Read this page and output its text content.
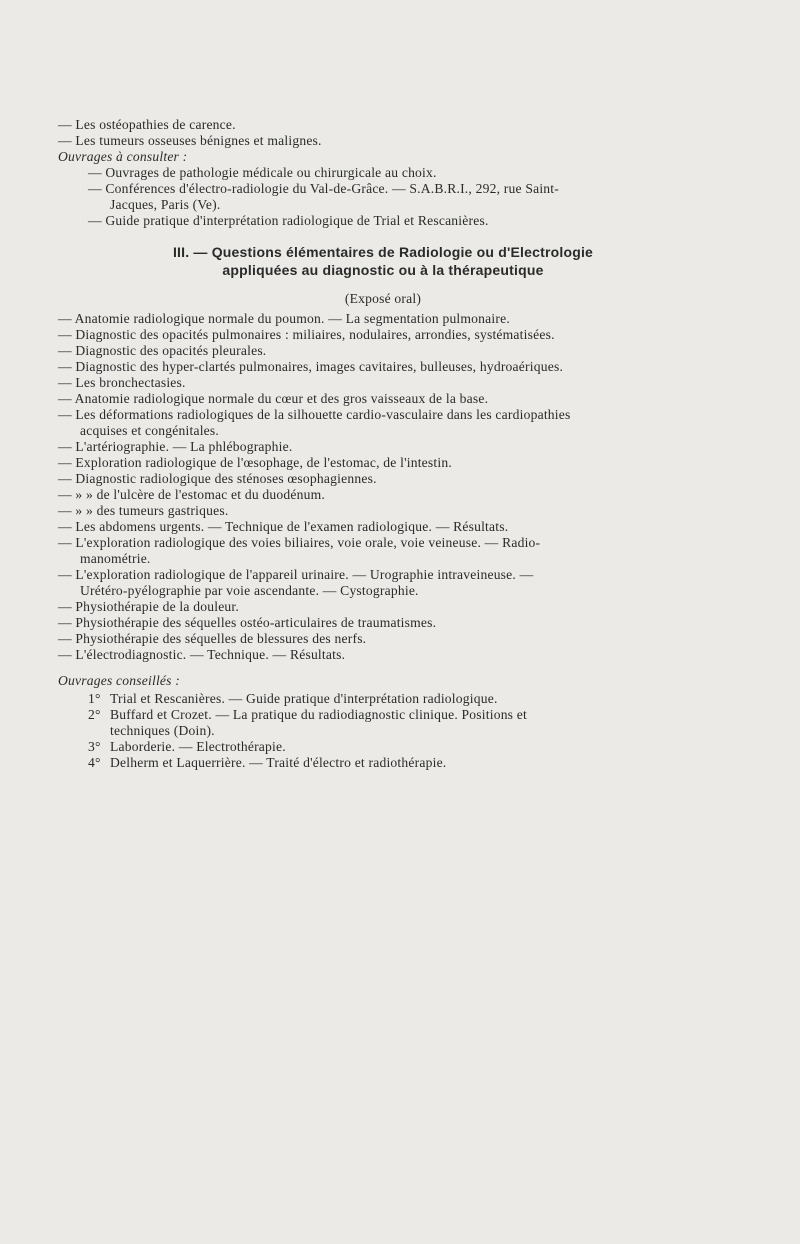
— Les ostéopathies de carence.
— Les tumeurs osseuses bénignes et malignes.
Ouvrages à consulter :
— Ouvrages de pathologie médicale ou chirurgicale au choix.
— Conférences d'électro-radiologie du Val-de-Grâce. — S.A.B.R.I., 292, rue Saint-
Jacques, Paris (Ve).
— Guide pratique d'interprétation radiologique de Trial et Rescanières.
III. — Questions élémentaires de Radiologie ou d'Electrologie
appliquées au diagnostic ou à la thérapeutique
(Exposé oral)
— Anatomie radiologique normale du poumon. — La segmentation pulmonaire.
— Diagnostic des opacités pulmonaires : miliaires, nodulaires, arrondies, systématisées.
— Diagnostic des opacités pleurales.
— Diagnostic des hyper-clartés pulmonaires, images cavitaires, bulleuses, hydroaériques.
— Les bronchectasies.
— Anatomie radiologique normale du cœur et des gros vaisseaux de la base.
— Les déformations radiologiques de la silhouette cardio-vasculaire dans les cardiopathies
acquises et congénitales.
— L'artériographie. — La phlébographie.
— Exploration radiologique de l'œsophage, de l'estomac, de l'intestin.
— Diagnostic radiologique des sténoses œsophagiennes.
— » » de l'ulcère de l'estomac et du duodénum.
— » » des tumeurs gastriques.
— Les abdomens urgents. — Technique de l'examen radiologique. — Résultats.
— L'exploration radiologique des voies biliaires, voie orale, voie veineuse. — Radio-
manométrie.
— L'exploration radiologique de l'appareil urinaire. — Urographie intraveineuse. —
Urétéro-pyélographie par voie ascendante. — Cystographie.
— Physiothérapie de la douleur.
— Physiothérapie des séquelles ostéo-articulaires de traumatismes.
— Physiothérapie des séquelles de blessures des nerfs.
— L'électrodiagnostic. — Technique. — Résultats.
Ouvrages conseillés :
1° Trial et Rescanières. — Guide pratique d'interprétation radiologique.
2° Buffard et Crozet. — La pratique du radiodiagnostic clinique. Positions et
techniques (Doin).
3° Laborderie. — Electrothérapie.
4° Delherm et Laquerrière. — Traité d'électro et radiothérapie.
